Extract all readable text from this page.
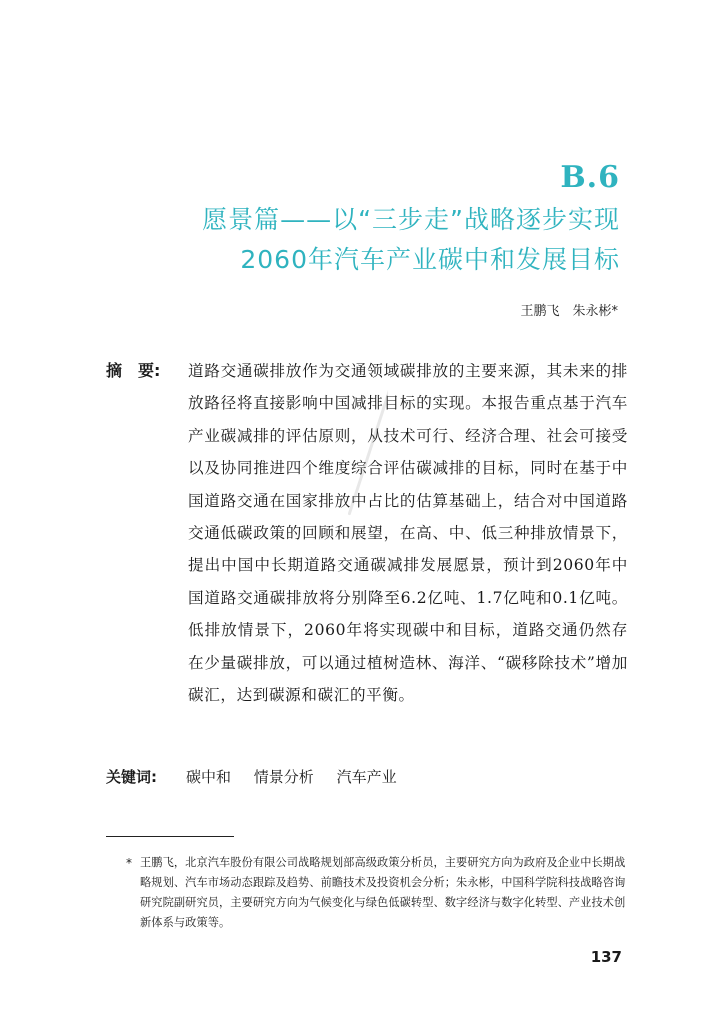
B.6
愿景篇——以“三步走”战略逐步实现
2060年汽车产业碳中和发展目标
王鹏飞　朱永彬*
摘　要: 道路交通碳排放作为交通领域碳排放的主要来源，其未来的排放路径将直接影响中国减排目标的实现。本报告重点基于汽车产业碳减排的评估原则，从技术可行、经济合理、社会可接受以及协同推进四个维度综合评估碳减排的目标，同时在基于中国道路交通在国家排放中占比的估算基础上，结合对中国道路交通低碳政策的回顾和展望，在高、中、低三种排放情景下，提出中国中长期道路交通碳减排发展愿景，预计到2060年中国道路交通碳排放将分别降至6.2亿吨、1.7亿吨和0.1亿吨。低排放情景下，2060年将实现碳中和目标，道路交通仍然存在少量碳排放，可以通过植树造林、海洋、“碳移除技术”增加碳汇，达到碳源和碳汇的平衡。
关键词: 碳中和 情景分析 汽车产业
* 王鹏飞，北京汽车股份有限公司战略规划部高级政策分析员，主要研究方向为政府及企业中长期战略规划、汽车市场动态跟踪及趋势、前瞻技术及投资机会分析；朱永彬，中国科学院科技战略咨询研究院副研究员，主要研究方向为气候变化与绿色低碳转型、数字经济与数字化转型、产业技术创新体系与政策等。
137
